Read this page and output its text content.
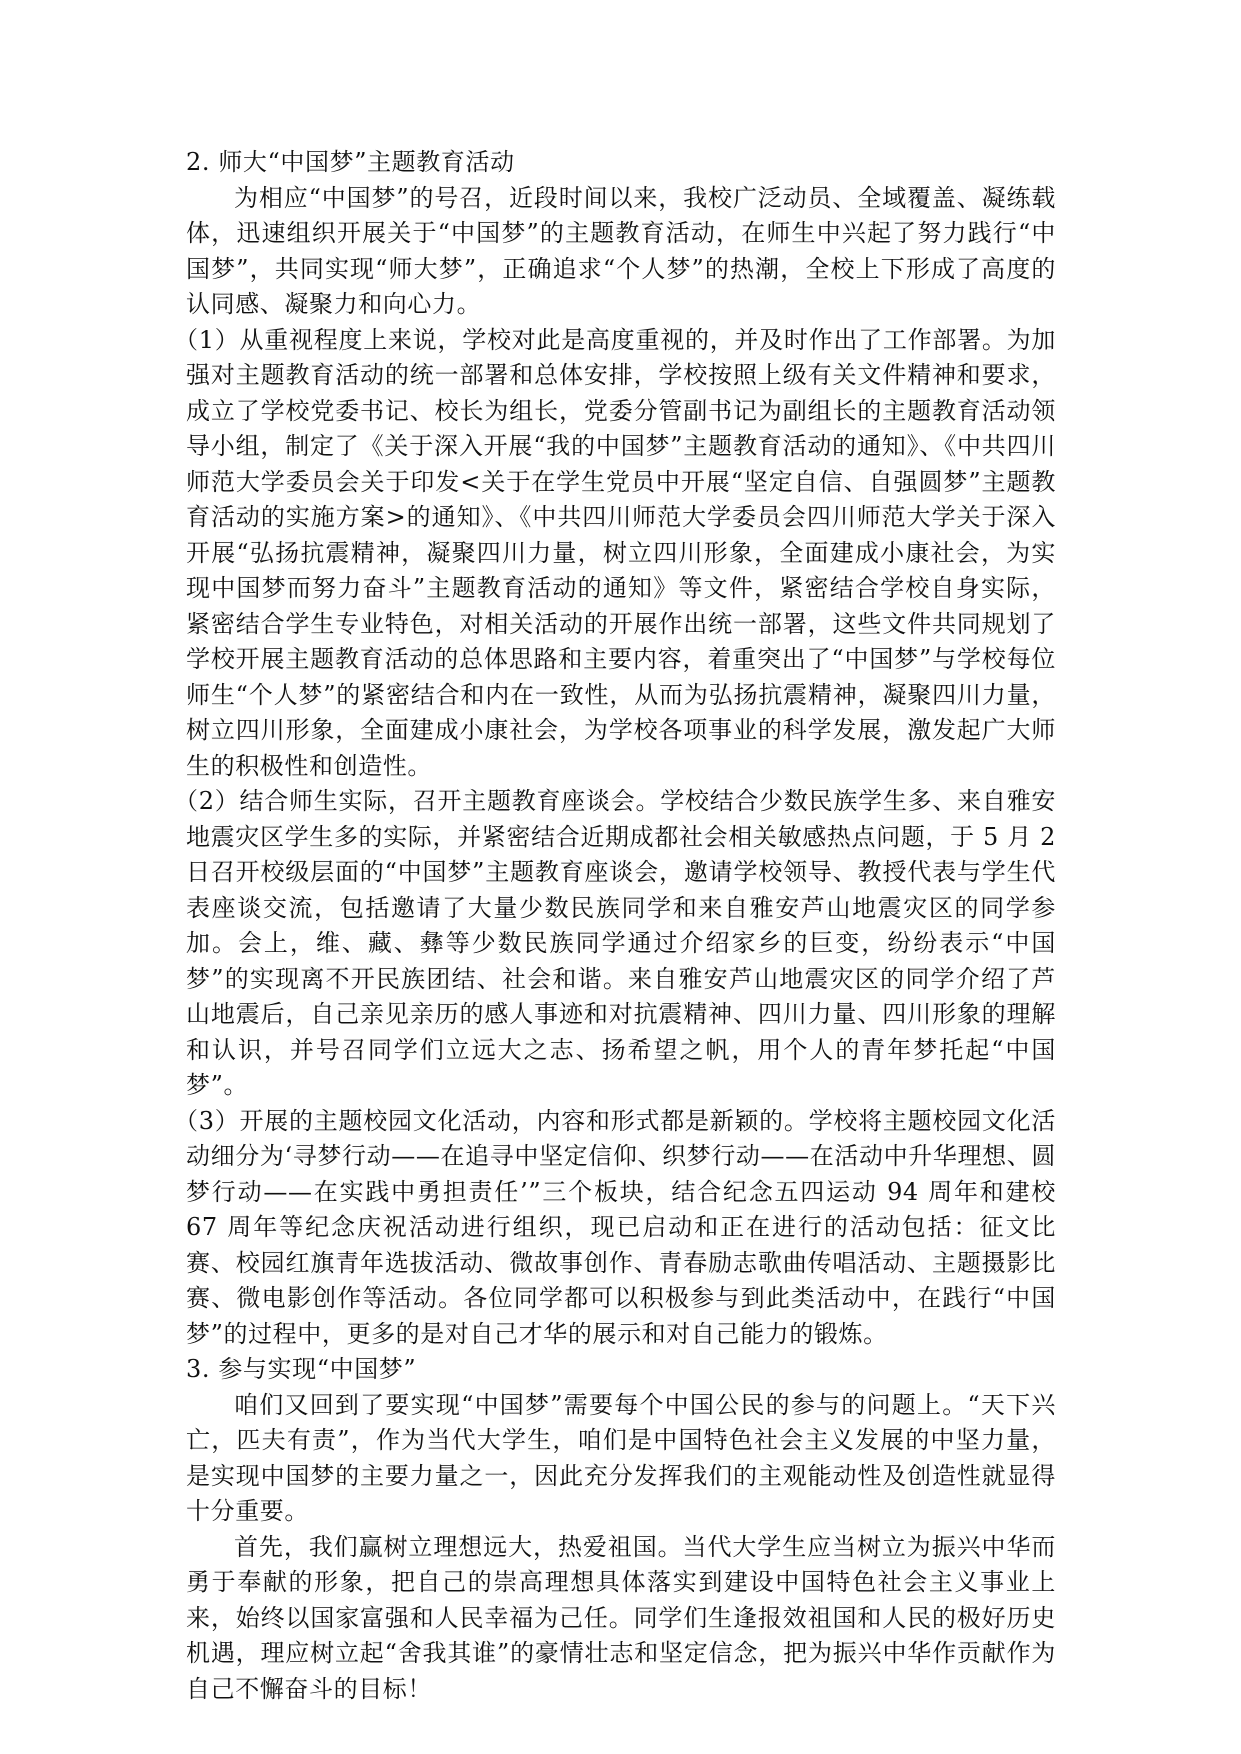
2. 师大“中国梦”主题教育活动

为相应“中国梦”的号召，近段时间以来，我校广泛动员、全域覆盖、凝练载体，迅速组织开展关于“中国梦”的主题教育活动，在师生中兴起了努力践行“中国梦”，共同实现“师大梦”，正确追求“个人梦”的热潮，全校上下形成了高度的认同感、凝聚力和向心力。

（1）从重视程度上来说，学校对此是高度重视的，并及时作出了工作部署。为加强对主题教育活动的统一部署和总体安排，学校按照上级有关文件精神和要求，成立了学校党委书记、校长为组长，党委分管副书记为副组长的主题教育活动领导小组，制定了《关于深入开展“我的中国梦”主题教育活动的通知》、《中共四川师范大学委员会关于印发<关于在学生党员中开展“坚定自信、自强圆梦”主题教育活动的实施方案>的通知》、《中共四川师范大学委员会四川师范大学关于深入开展“弘扬抗震精神，凝聚四川力量，树立四川形象，全面建成小康社会，为实现中国梦而努力奋斗”主题教育活动的通知》等文件，紧密结合学校自身实际，紧密结合学生专业特色，对相关活动的开展作出统一部署，这些文件共同规划了学校开展主题教育活动的总体思路和主要内容，着重突出了“中国梦”与学校每位师生“个人梦”的紧密结合和内在一致性，从而为弘扬抗震精神，凝聚四川力量，树立四川形象，全面建成小康社会，为学校各项事业的科学发展，激发起广大师生的积极性和创造性。

（2）结合师生实际，召开主题教育座谈会。学校结合少数民族学生多、来自雅安地震灾区学生多的实际，并紧密结合近期成都社会相关敏感热点问题，于 5 月 2 日召开校级层面的“中国梦”主题教育座谈会，邀请学校领导、教授代表与学生代表座谈交流，包括邀请了大量少数民族同学和来自雅安芦山地震灾区的同学参加。会上，维、藏、彝等少数民族同学通过介绍家乡的巨变，纷纷表示“中国梦”的实现离不开民族团结、社会和谐。来自雅安芦山地震灾区的同学介绍了芦山地震后，自己亲见亲历的感人事迹和对抗震精神、四川力量、四川形象的理解和认识，并号召同学们立远大之志、扬希望之帆，用个人的青年梦托起“中国梦”。

（3）开展的主题校园文化活动，内容和形式都是新颖的。学校将主题校园文化活动细分为‘寻梦行动——在追寻中坚定信仰、织梦行动——在活动中升华理想、圆梦行动——在实践中勇担责任’”三个板块，结合纪念五四运动 94 周年和建校 67 周年等纪念庆祝活动进行组织，现已启动和正在进行的活动包括：征文比赛、校园红旗青年选拔活动、微故事创作、青春励志歌曲传唱活动、主题摄影比赛、微电影创作等活动。各位同学都可以积极参与到此类活动中，在践行“中国梦”的过程中，更多的是对自己才华的展示和对自己能力的锻炼。

3. 参与实现“中国梦”

咱们又回到了要实现“中国梦”需要每个中国公民的参与的问题上。“天下兴亡，匹夫有责”，作为当代大学生，咱们是中国特色社会主义发展的中坚力量，是实现中国梦的主要力量之一，因此充分发挥我们的主观能动性及创造性就显得十分重要。

首先，我们赢树立理想远大，热爱祖国。当代大学生应当树立为振兴中华而勇于奉献的形象，把自己的崇高理想具体落实到建设中国特色社会主义事业上来，始终以国家富强和人民幸福为己任。同学们生逢报效祖国和人民的极好历史机遇，理应树立起“舍我其谁”的豪情壮志和坚定信念，把为振兴中华作贡献作为自己不懈奋斗的目标！
